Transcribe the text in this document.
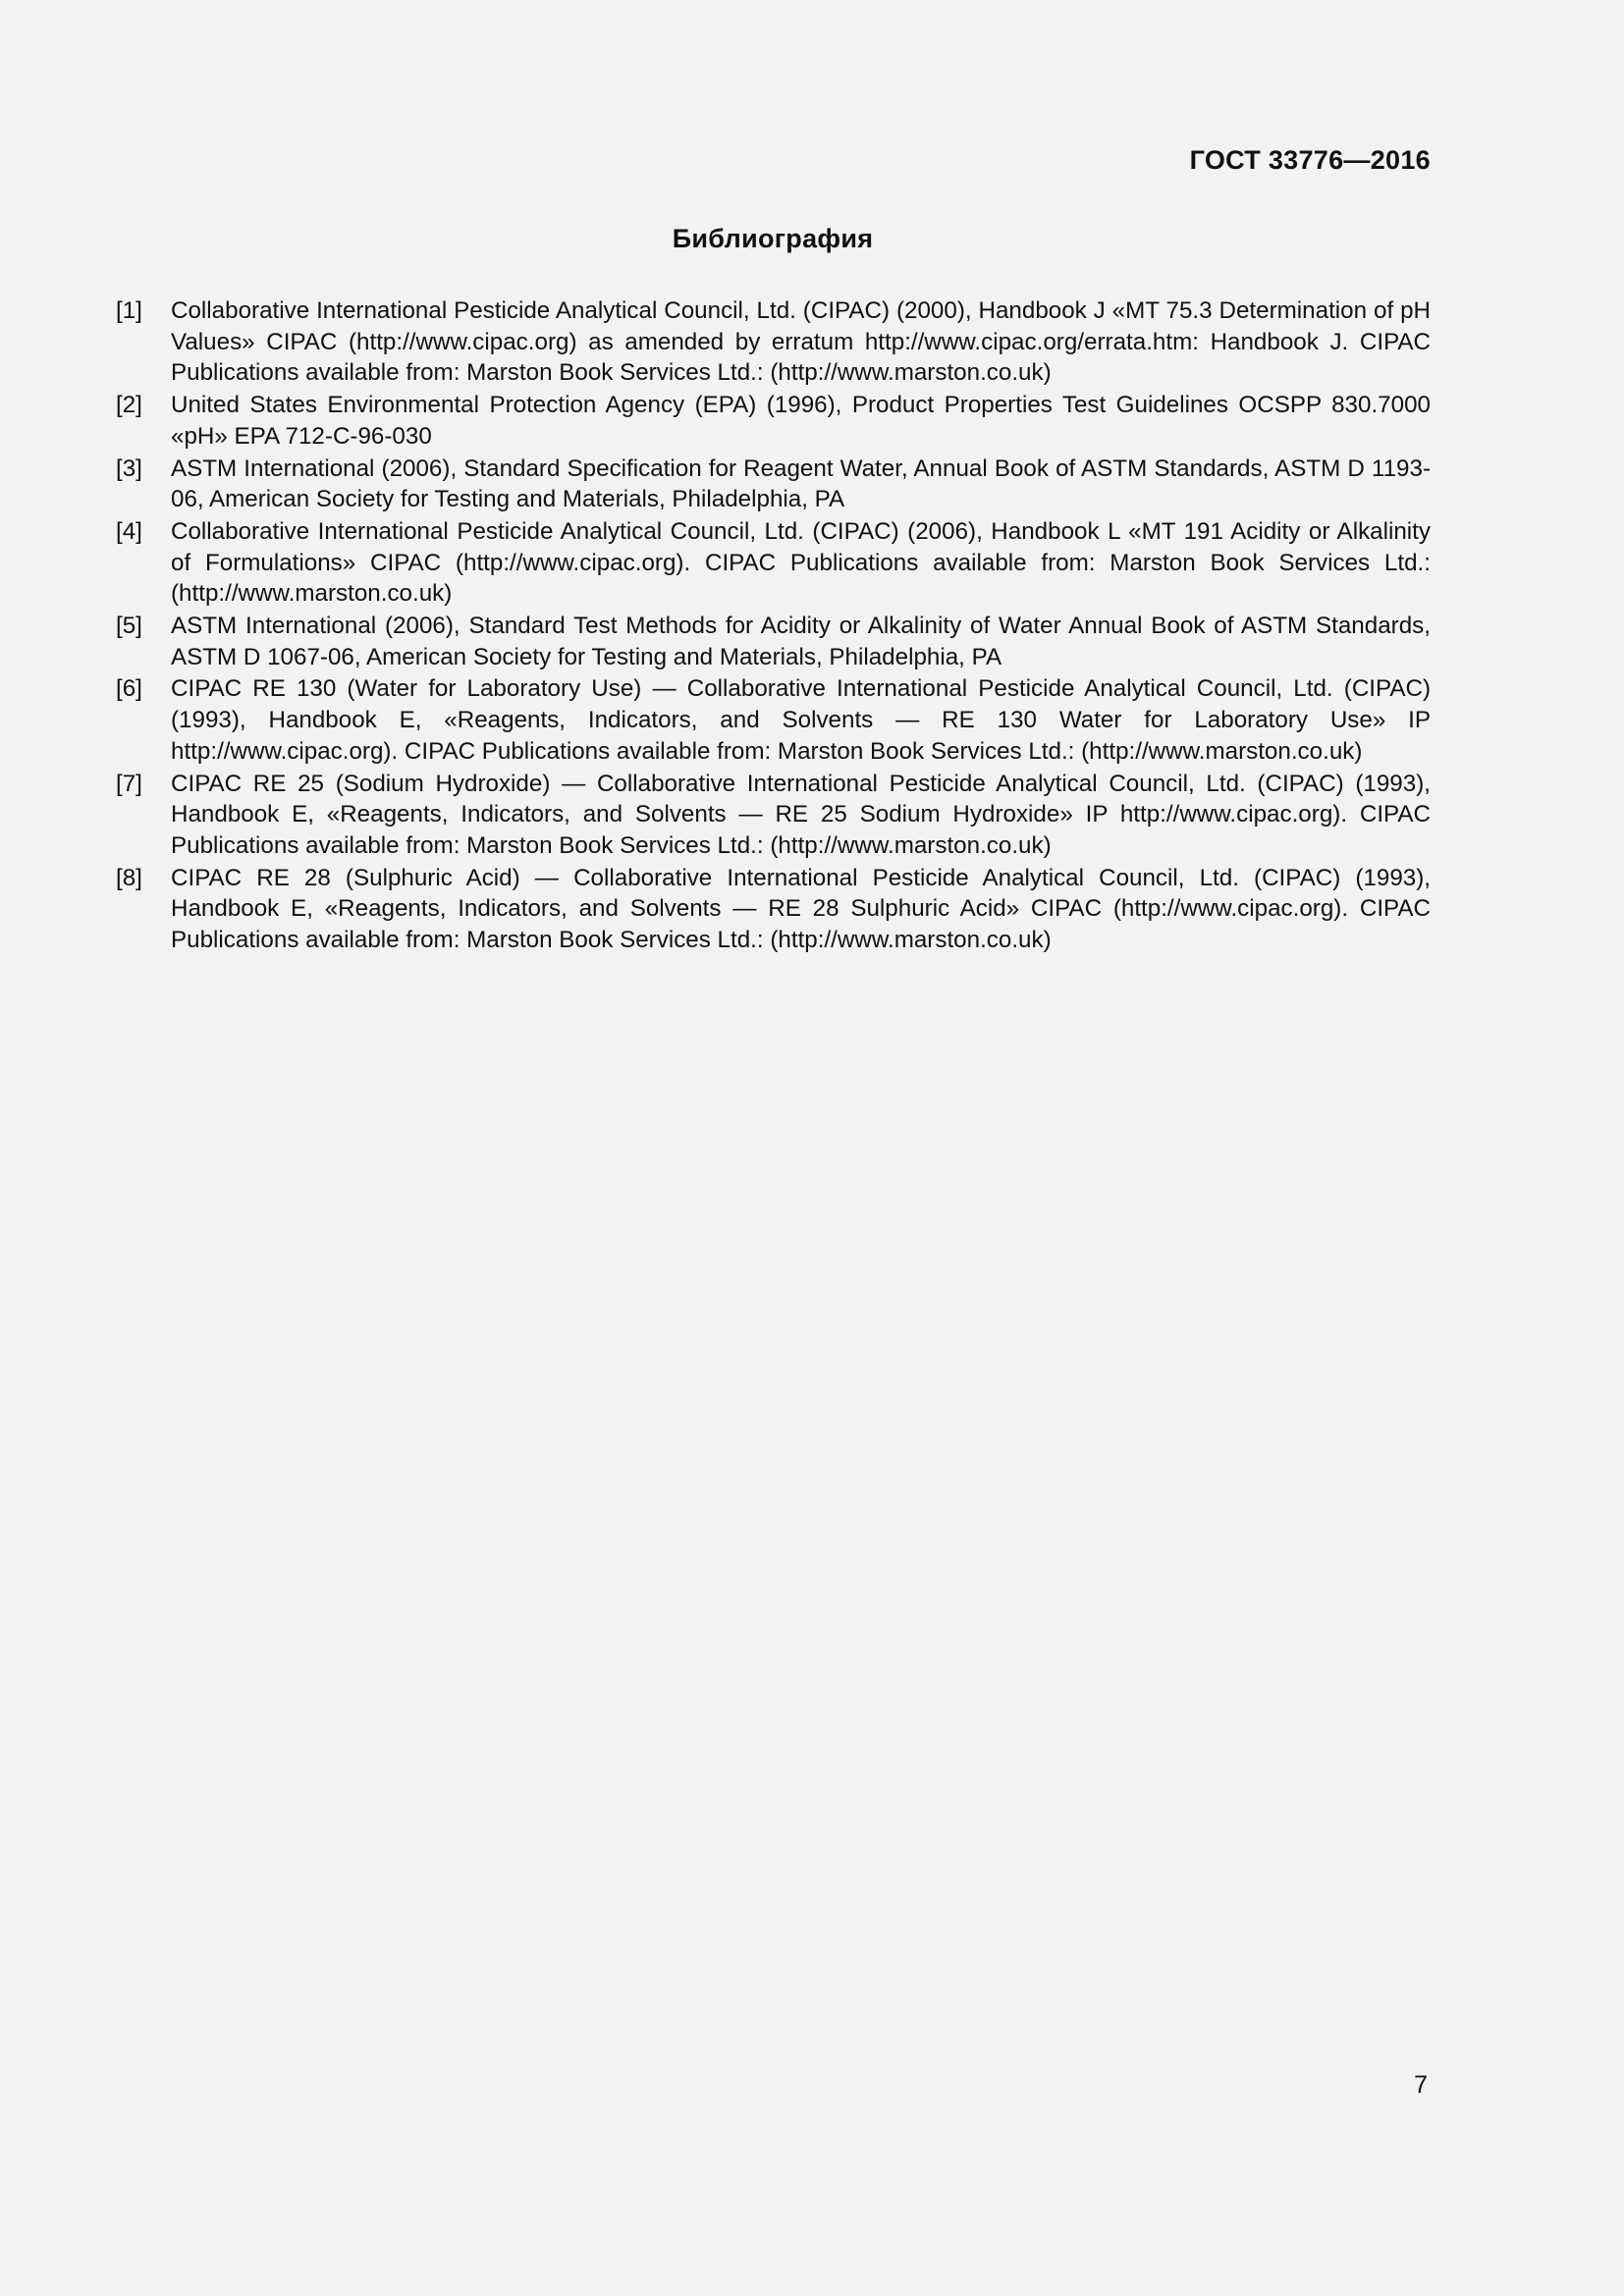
ГОСТ 33776—2016
Библиография
[1]	Collaborative International Pesticide Analytical Council, Ltd. (CIPAC) (2000), Handbook J «MT 75.3 Determination of pH Values» CIPAC (http://www.cipac.org) as amended by erratum http://www.cipac.org/errata.htm: Handbook J. CIPAC Publications available from: Marston Book Services Ltd.: (http://www.marston.co.uk)
[2]	United States Environmental Protection Agency (EPA) (1996), Product Properties Test Guidelines OCSPP 830.7000 «pH» EPA 712-C-96-030
[3]	ASTM International (2006), Standard Specification for Reagent Water, Annual Book of ASTM Standards, ASTM D 1193-06, American Society for Testing and Materials, Philadelphia, PA
[4]	Collaborative International Pesticide Analytical Council, Ltd. (CIPAC) (2006), Handbook L «MT 191 Acidity or Alkalinity of Formulations» CIPAC (http://www.cipac.org). CIPAC Publications available from: Marston Book Services Ltd.: (http://www.marston.co.uk)
[5]	ASTM International (2006), Standard Test Methods for Acidity or Alkalinity of Water Annual Book of ASTM Standards, ASTM D 1067-06, American Society for Testing and Materials, Philadelphia, PA
[6]	CIPAC RE 130 (Water for Laboratory Use) — Collaborative International Pesticide Analytical Council, Ltd. (CIPAC) (1993), Handbook E, «Reagents, Indicators, and Solvents — RE 130 Water for Laboratory Use» IP http://www.cipac.org). CIPAC Publications available from: Marston Book Services Ltd.: (http://www.marston.co.uk)
[7]	CIPAC RE 25 (Sodium Hydroxide) — Collaborative International Pesticide Analytical Council, Ltd. (CIPAC) (1993), Handbook E, «Reagents, Indicators, and Solvents — RE 25 Sodium Hydroxide» IP http://www.cipac.org). CIPAC Publications available from: Marston Book Services Ltd.: (http://www.marston.co.uk)
[8]	CIPAC RE 28 (Sulphuric Acid) — Collaborative International Pesticide Analytical Council, Ltd. (CIPAC) (1993), Handbook E, «Reagents, Indicators, and Solvents — RE 28 Sulphuric Acid» CIPAC (http://www.cipac.org). CIPAC Publications available from: Marston Book Services Ltd.: (http://www.marston.co.uk)
7
